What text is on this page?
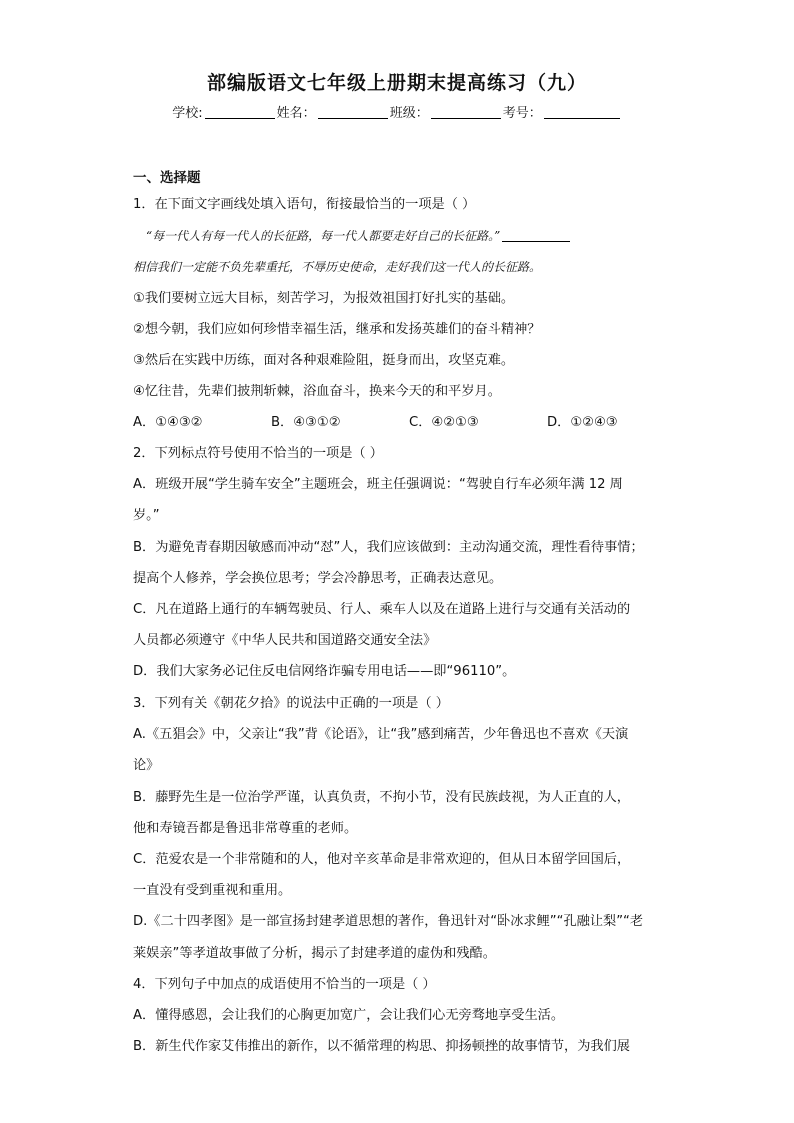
部编版语文七年级上册期末提高练习（九）
学校:	姓名：	班级：	考号：
一、选择题
1．在下面文字画线处填入语句，衔接最恰当的一项是（ ）
“每一代人有每一代人的长征路，每一代人都要走好自己的长征路。”
相信我们一定能不负先辈重托，不辱历史使命，走好我们这一代人的长征路。
①我们要树立远大目标，刻苦学习，为报效祖国打好扎实的基础。
②想今朝，我们应如何珍惜幸福生活，继承和发扬英雄们的奋斗精神？
③然后在实践中历练，面对各种艰难险阻，挺身而出，攻坚克难。
④忆往昔，先辈们披荆斩棘，浴血奋斗，换来今天的和平岁月。
A．①④③②	B．④③①②	C．④②①③	D．①②④③
2．下列标点符号使用不恰当的一项是（ ）
A．班级开展“学生骑车安全”主题班会，班主任强调说：“驾驶自行车必须年满 12 周
岁。”
B．为避免青春期因敏感而冲动“怼”人，我们应该做到：主动沟通交流，理性看待事情；
提高个人修养，学会换位思考；学会冷静思考，正确表达意见。
C．凡在道路上通行的车辆驾驶员、行人、乘车人以及在道路上进行与交通有关活动的
人员都必须遵守《中华人民共和国道路交通安全法》
D．我们大家务必记住反电信网络诈骗专用电话——即“96110”。
3．下列有关《朝花夕拾》的说法中正确的一项是（ ）
A.《五猖会》中，父亲让“我”背《论语》，让“我”感到痛苦，少年鲁迅也不喜欢《天演
论》
B．藤野先生是一位治学严谨，认真负责，不拘小节，没有民族歧视，为人正直的人，
他和寿镜吾都是鲁迅非常尊重的老师。
C．范爱农是一个非常随和的人，他对辛亥革命是非常欢迎的，但从日本留学回国后，
一直没有受到重视和重用。
D.《二十四孝图》是一部宣扬封建孝道思想的著作，鲁迅针对“卧冰求鲤”“孔融让梨”“老
莱娱亲”等孝道故事做了分析，揭示了封建孝道的虚伪和残酷。
4．下列句子中加点的成语使用不恰当的一项是（ ）
A．懂得感恩，会让我们的心胸更加宽广，会让我们心无旁骛地享受生活。
B．新生代作家艾伟推出的新作，以不循常理的构思、抑扬顿挫的故事情节，为我们展
